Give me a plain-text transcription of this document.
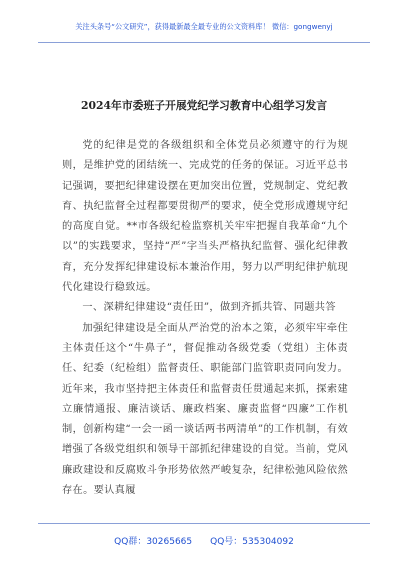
关注头条号“公文研究”，获得最新最全最专业的公文资料库！ 微信：gongwenyj
2024年市委班子开展党纪学习教育中心组学习发言

党的纪律是党的各级组织和全体党员必须遵守的行为规则，是维护党的团结统一、完成党的任务的保证。习近平总书记强调，要把纪律建设摆在更加突出位置，党规制定、党纪教育、执纪监督全过程都要贯彻严的要求，使全党形成遵规守纪的高度自觉。**市各级纪检监察机关牢牢把握自我革命“九个以”的实践要求，坚持“严”字当头严格执纪监督、强化纪律教育，充分发挥纪律建设标本兼治作用，努力以严明纪律护航现代化建设行稳致远。

一、深耕纪律建设“责任田”，做到齐抓共管、同题共答

加强纪律建设是全面从严治党的治本之策，必须牢牢牵住主体责任这个“牛鼻子”，督促推动各级党委（党组）主体责任、纪委（纪检组）监督责任、职能部门监管职责同向发力。近年来，我市坚持把主体责任和监督责任贯通起来抓，探索建立廉情通报、廉洁谈话、廉政档案、廉责监督“四廉”工作机制，创新构建“一会一函一谈话两书两清单”的工作机制，有效增强了各级党组织和领导干部抓纪律建设的自觉。当前，党风廉政建设和反腐败斗争形势依然严峻复杂，纪律松弛风险依然存在。要认真履

QQ群：30265665　　QQ号：535304092
